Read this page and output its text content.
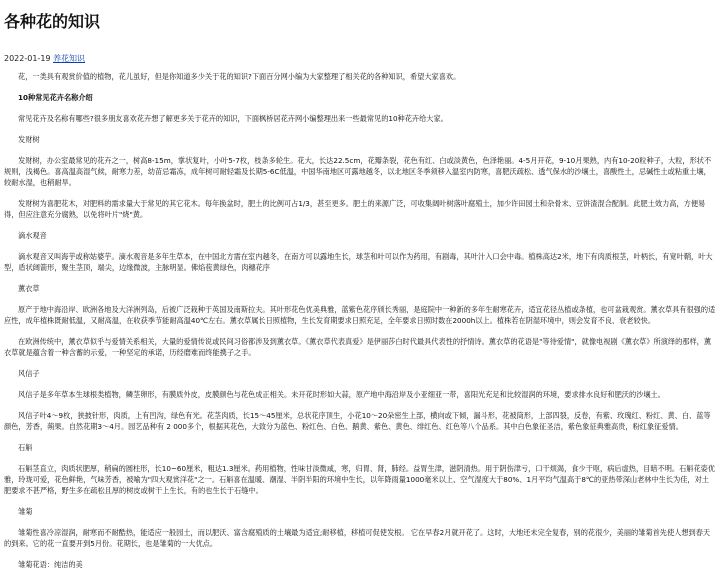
各种花的知识
2022-01-19 养花知识

花，一类具有观赏价值的植物，花儿虽好，但是你知道多少关于花的知识?下面百分网小编为大家整理了相关花的各种知识，希望大家喜欢。

10种常见花卉名称介绍

常见花卉及名称有哪些?很多朋友喜欢花卉想了解更多关于花卉的知识，下面枫桥居花卉网小编整理出来一些最常见的10种花卉给大家。

发财树

发财树，办公室最常见的花卉之一，树高8-15m，掌状复叶，小叶5-7枚，枝条多轮生。花大，长达22.5cm，花瓣条裂，花色有红、白或淡黄色，色泽艳丽。4-5月开花，9-10月果熟，内有10-20粒种子，大粒，形状不规则，浅褐色。喜高温高湿气候，耐寒力差，幼苗忌霜冻，成年树可耐轻霜及长期5-6C低温，中国华南地区可露地越冬，以北地区冬季须移入温室内防寒，喜肥沃疏松、透气保水的沙壤土，喜酸性土，忌碱性土或粘重土壤，较耐水湿，也稍耐旱。

发财树为喜肥花木，对肥料的需求量大于常见的其它花木。每年换盆时，肥土的比例可占1/3，甚至更多。肥土的来源广泛，可收集阔叶树落叶腐殖土，加少许田园土和杂骨末、豆饼渣混合配制。此肥土效力高，方便易得，但应注意充分腐熟，以免将叶片"烧"黄。

滴水观音

滴水观音又叫海芋或称姑婆芋。滴水观音是多年生草本，在中国北方需在室内越冬，在南方可以露地生长，球茎和叶可以作为药用，有剧毒，其叶汁入口会中毒。植株高达2米，地下有肉质根茎，叶柄长，有宽叶鞘，叶大型，盾状阔箭形，聚生茎顶，端尖，边缘微波，主脉明显。佛焰苞黄绿色，肉穗花序

薰衣草

原产于地中海沿岸、欧洲各地及大洋洲列岛，后被广泛栽种于英国及南斯拉夫。其叶形花色优美典雅，蓝紫色花序颀长秀丽，是庭院中一种新的多年生耐寒花卉，适宜花径丛植或条植，也可盆栽观赏。薰衣草具有很强的适应性，成年植株既耐低温，又耐高温，在收获季节能耐高温40℃左右。薰衣草属长日照植物，生长发育期要求日照充足，全年要求日照时数在2000h以上。植株若在阴湿环境中，则会发育不良、衰老较快。

在欧洲传统中，薰衣草似乎与爱情关系相关，大量的爱情传说或民间习俗都涉及到薰衣草。《薰衣草代表真爱》是伊丽莎白时代最具代表性的抒情诗。薰衣草的花语是"等待爱情"，就像电视剧《薰衣草》所演绎的那样，薰衣草就是蕴含着一种含蓄的示爱，一种坚定的承诺，历经磨难而终能携子之手。

风信子

风信子是多年草本生球根类植物，鳞茎卵形，有膜质外皮，皮膜颜色与花色成正相关。未开花时形如大蒜，原产地中海沿岸及小亚细亚一带，喜阳光充足和比较湿润的环境，要求排水良好和肥沃的沙壤土。

风信子叶4～9枚，狭披针形，肉质，上有凹沟，绿色有光。花茎肉质，长15～45厘米，总状花序顶生，小花10～20朵密生上部，横向或下倾，漏斗形，花被筒形，上部四裂，反卷，有紫、玫瑰红、粉红、黄、白、蓝等颜色，芳香，蒴果。自然花期3～4月。园艺品种有 2 000多个，根据其花色，大致分为蓝色、粉红色、白色、鹅黄、紫色、黄色、绯红色、红色等八个品系。其中白色象征圣洁，紫色象征典雅高贵，粉红象征爱情。

石斛

石斛茎直立，肉质状肥厚，稍扁的圆柱形，长10~60厘米，粗达1.3厘米。药用植物，性味甘淡微咸，寒，归胃、肾，肺经。益胃生津，滋阴清热。用于阴伤津亏，口干烦渴，食少干呕，病后虚热，目暗不明。石斛花姿优雅，玲珑可爱，花色鲜艳，气味芳香，被喻为"四大观赏洋花"之一。石斛喜在温暖、潮湿、半阴半阳的环境中生长，以年降雨量1000毫米以上、空气湿度大于80%、1月平均气温高于8℃的亚热带深山老林中生长为佳，对土肥要求不甚严格，野生多在疏松且厚的树皮或树干上生长，有的也生长于石缝中。

雏菊

雏菊性喜冷凉湿润，耐寒而不耐酷热，能适应一般园土，而以肥沃、富含腐殖质的土壤最为适宜;耐移植，移植可促使发根。 它在早春2月就开花了。这时，大地还未完全复春，别的花很少，美丽的雏菊首先使人想到春天的到来。它的花一直要开到5月份。花期长，也是雏菊的一大优点。

雏菊花语：纯洁的美
